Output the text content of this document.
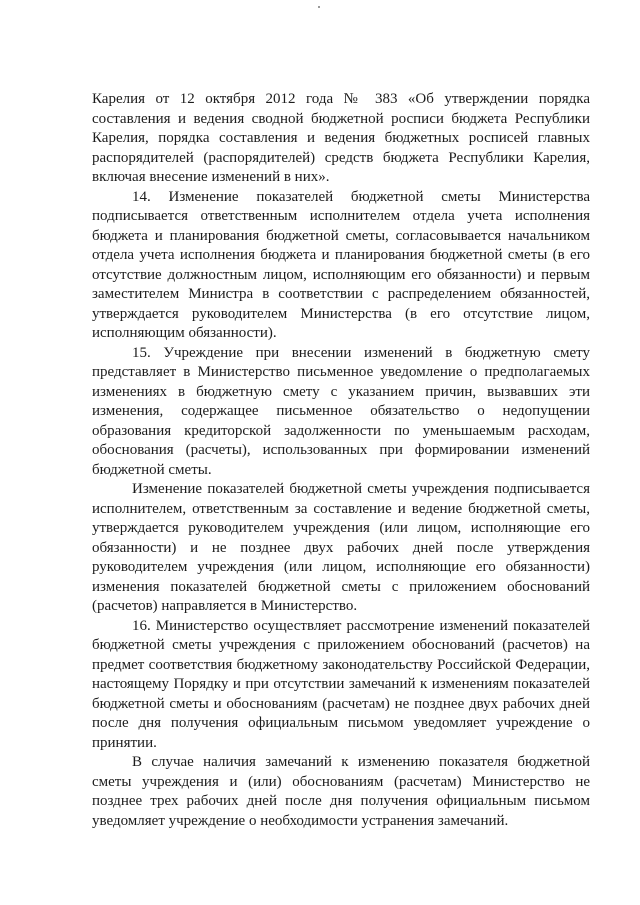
Карелия от 12 октября 2012 года № 383 «Об утверждении порядка составления и ведения сводной бюджетной росписи бюджета Республики Карелия, порядка составления и ведения бюджетных росписей главных распорядителей (распорядителей) средств бюджета Республики Карелия, включая внесение изменений в них».

14. Изменение показателей бюджетной сметы Министерства подписывается ответственным исполнителем отдела учета исполнения бюджета и планирования бюджетной сметы, согласовывается начальником отдела учета исполнения бюджета и планирования бюджетной сметы (в его отсутствие должностным лицом, исполняющим его обязанности) и первым заместителем Министра в соответствии с распределением обязанностей, утверждается руководителем Министерства (в его отсутствие лицом, исполняющим обязанности).

15. Учреждение при внесении изменений в бюджетную смету представляет в Министерство письменное уведомление о предполагаемых изменениях в бюджетную смету с указанием причин, вызвавших эти изменения, содержащее письменное обязательство о недопущении образования кредиторской задолженности по уменьшаемым расходам, обоснования (расчеты), использованных при формировании изменений бюджетной сметы.

Изменение показателей бюджетной сметы учреждения подписывается исполнителем, ответственным за составление и ведение бюджетной сметы, утверждается руководителем учреждения (или лицом, исполняющие его обязанности) и не позднее двух рабочих дней после утверждения руководителем учреждения (или лицом, исполняющие его обязанности) изменения показателей бюджетной сметы с приложением обоснований (расчетов) направляется в Министерство.

16. Министерство осуществляет рассмотрение изменений показателей бюджетной сметы учреждения с приложением обоснований (расчетов) на предмет соответствия бюджетному законодательству Российской Федерации, настоящему Порядку и при отсутствии замечаний к изменениям показателей бюджетной сметы и обоснованиям (расчетам) не позднее двух рабочих дней после дня получения официальным письмом уведомляет учреждение о принятии.

В случае наличия замечаний к изменению показателя бюджетной сметы учреждения и (или) обоснованиям (расчетам) Министерство не позднее трех рабочих дней после дня получения официальным письмом уведомляет учреждение о необходимости устранения замечаний.
